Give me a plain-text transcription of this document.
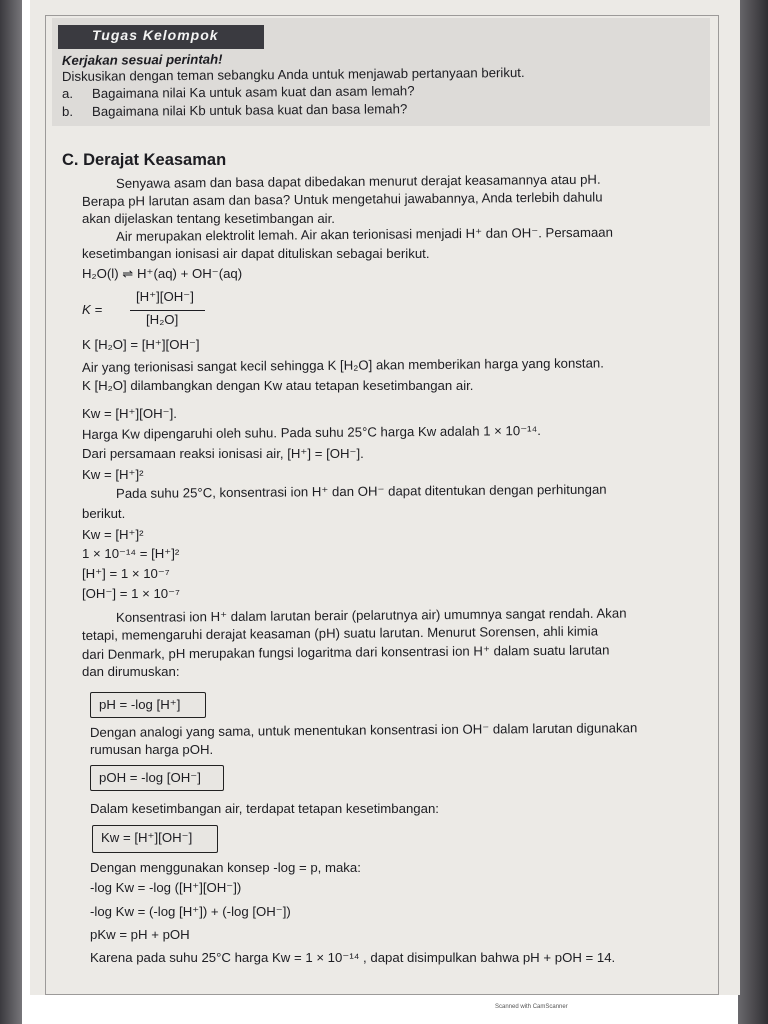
Tugas Kelompok
Kerjakan sesuai perintah!
Diskusikan dengan teman sebangku Anda untuk menjawab pertanyaan berikut.
a. Bagaimana nilai Ka untuk asam kuat dan asam lemah?
b. Bagaimana nilai Kb untuk basa kuat dan basa lemah?
C. Derajat Keasaman
Senyawa asam dan basa dapat dibedakan menurut derajat keasamannya atau pH.
Berapa pH larutan asam dan basa? Untuk mengetahui jawabannya, Anda terlebih dahulu
akan dijelaskan tentang kesetimbangan air.
Air merupakan elektrolit lemah. Air akan terionisasi menjadi H⁺ dan OH⁻. Persamaan
kesetimbangan ionisasi air dapat dituliskan sebagai berikut.
H₂O(l) ⇌ H⁺(aq) + OH⁻(aq)
K =
[H⁺][OH⁻]
[H₂O]
K [H₂O] = [H⁺][OH⁻]
Air yang terionisasi sangat kecil sehingga K [H₂O] akan memberikan harga yang konstan.
K [H₂O] dilambangkan dengan Kw atau tetapan kesetimbangan air.
Kw = [H⁺][OH⁻].
Harga Kw dipengaruhi oleh suhu. Pada suhu 25°C harga Kw adalah 1 × 10⁻¹⁴.
Dari persamaan reaksi ionisasi air, [H⁺] = [OH⁻].
Kw = [H⁺]²
Pada suhu 25°C, konsentrasi ion H⁺ dan OH⁻ dapat ditentukan dengan perhitungan
berikut.
Kw = [H⁺]²
1 × 10⁻¹⁴ = [H⁺]²
[H⁺] = 1 × 10⁻⁷
[OH⁻] = 1 × 10⁻⁷
Konsentrasi ion H⁺ dalam larutan berair (pelarutnya air) umumnya sangat rendah. Akan
tetapi, memengaruhi derajat keasaman (pH) suatu larutan. Menurut Sorensen, ahli kimia
dari Denmark, pH merupakan fungsi logaritma dari konsentrasi ion H⁺ dalam suatu larutan
dan dirumuskan:
pH = -log [H⁺]
Dengan analogi yang sama, untuk menentukan konsentrasi ion OH⁻ dalam larutan digunakan
rumusan harga pOH.
pOH = -log [OH⁻]
Dalam kesetimbangan air, terdapat tetapan kesetimbangan:
Kw = [H⁺][OH⁻]
Dengan menggunakan konsep -log = p, maka:
-log Kw = -log ([H⁺][OH⁻])
-log Kw = (-log [H⁺]) + (-log [OH⁻])
pKw = pH + pOH
Karena pada suhu 25°C harga Kw = 1 × 10⁻¹⁴ , dapat disimpulkan bahwa pH + pOH = 14.
Scanned with CamScanner
